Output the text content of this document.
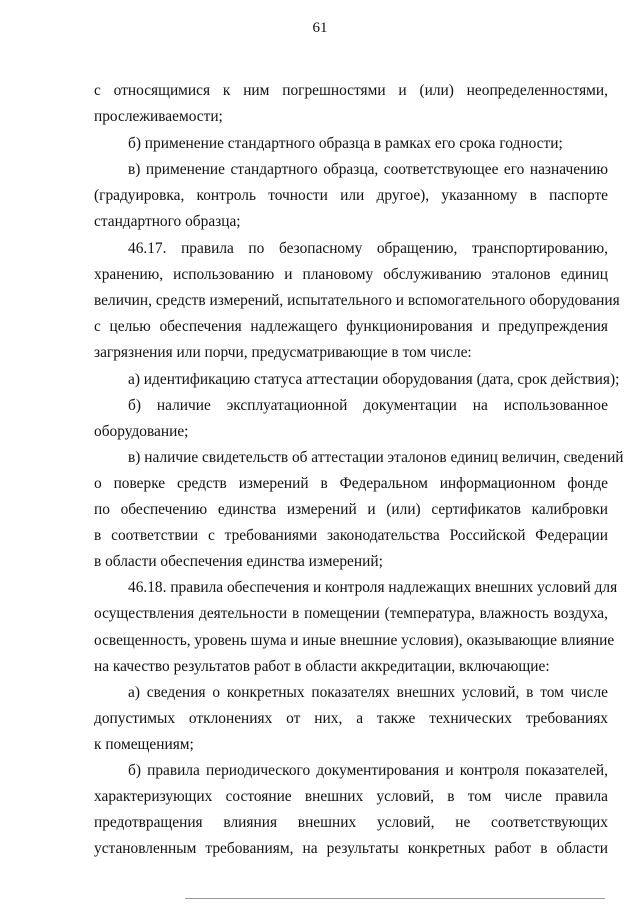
61
с относящимися к ним погрешностями и (или) неопределенностями,
прослеживаемости;
б) применение стандартного образца в рамках его срока годности;
в) применение стандартного образца, соответствующее его назначению
(градуировка, контроль точности или другое), указанному в паспорте
стандартного образца;
46.17. правила по безопасному обращению, транспортированию,
хранению, использованию и плановому обслуживанию эталонов единиц
величин, средств измерений, испытательного и вспомогательного оборудования
с целью обеспечения надлежащего функционирования и предупреждения
загрязнения или порчи, предусматривающие в том числе:
а) идентификацию статуса аттестации оборудования (дата, срок действия);
б) наличие эксплуатационной документации на использованное
оборудование;
в) наличие свидетельств об аттестации эталонов единиц величин, сведений
о поверке средств измерений в Федеральном информационном фонде
по обеспечению единства измерений и (или) сертификатов калибровки
в соответствии с требованиями законодательства Российской Федерации
в области обеспечения единства измерений;
46.18. правила обеспечения и контроля надлежащих внешних условий для
осуществления деятельности в помещении (температура, влажность воздуха,
освещенность, уровень шума и иные внешние условия), оказывающие влияние
на качество результатов работ в области аккредитации, включающие:
а) сведения о конкретных показателях внешних условий, в том числе
допустимых отклонениях от них, а также технических требованиях
к помещениям;
б) правила периодического документирования и контроля показателей,
характеризующих состояние внешних условий, в том числе правила
предотвращения влияния внешних условий, не соответствующих
установленным требованиям, на результаты конкретных работ в области
